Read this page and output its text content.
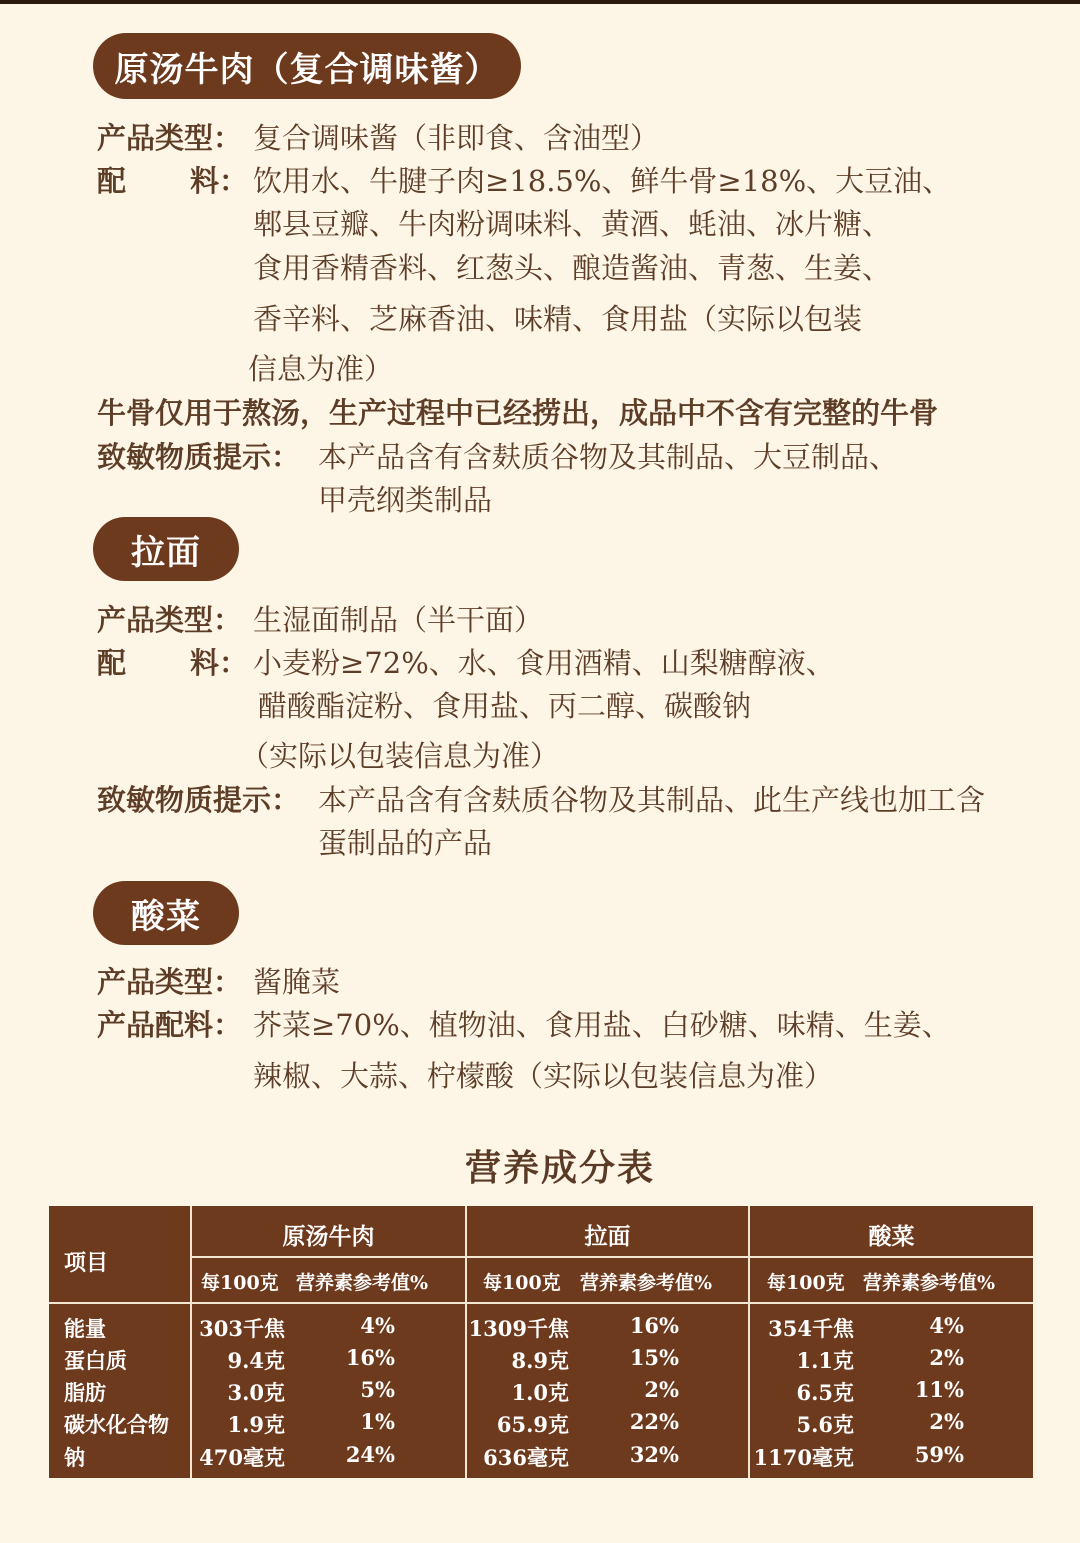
原汤牛肉（复合调味酱）
产品类型： 复合调味酱（非即食、含油型）
配 料： 饮用水、牛腱子肉≥18.5%、鲜牛骨≥18%、大豆油、
郫县豆瓣、牛肉粉调味料、黄酒、蚝油、冰片糖、
食用香精香料、红葱头、酿造酱油、青葱、生姜、
香辛料、芝麻香油、味精、食用盐（实际以包装
信息为准）
牛骨仅用于熬汤，生产过程中已经捞出，成品中不含有完整的牛骨
致敏物质提示： 本产品含有含麸质谷物及其制品、大豆制品、
甲壳纲类制品
拉面
产品类型： 生湿面制品（半干面）
配 料： 小麦粉≥72%、水、食用酒精、山梨糖醇液、
醋酸酯淀粉、食用盐、丙二醇、碳酸钠
（实际以包装信息为准）
致敏物质提示： 本产品含有含麸质谷物及其制品、此生产线也加工含
蛋制品的产品
酸菜
产品类型： 酱腌菜
产品配料： 芥菜≥70%、植物油、食用盐、白砂糖、味精、生姜、
辣椒、大蒜、柠檬酸（实际以包装信息为准）
营养成分表
项目
原汤牛肉	拉面	酸菜
每100克 营养素参考值%	每100克 营养素参考值%	每100克 营养素参考值%
能量	303千焦	4%	1309千焦	16%	354千焦	4%
蛋白质	9.4克	16%	8.9克	15%	1.1克	2%
脂肪	3.0克	5%	1.0克	2%	6.5克	11%
碳水化合物	1.9克	1%	65.9克	22%	5.6克	2%
钠	470毫克	24%	636毫克	32%	1170毫克	59%
